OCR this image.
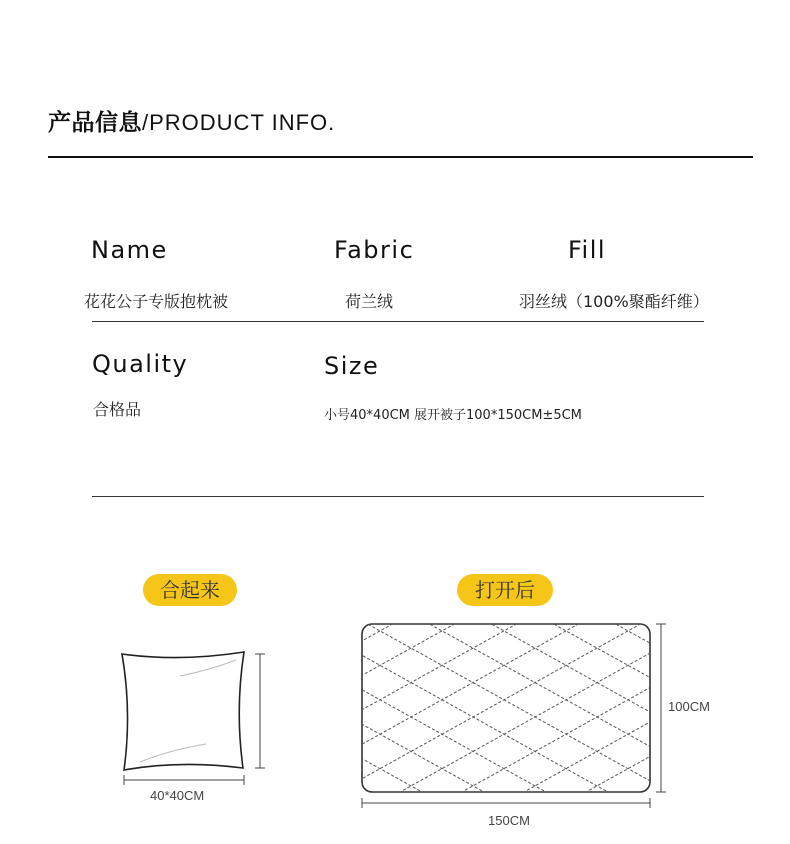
产品信息/PRODUCT INFO.
Name	Fabric	Fill
花花公子专版抱枕被	荷兰绒	羽丝绒（100%聚酯纤维）
Quality	Size
合格品	小号40*40CM 展开被子100*150CM±5CM
合起来	打开后
40*40CM
100CM
150CM
